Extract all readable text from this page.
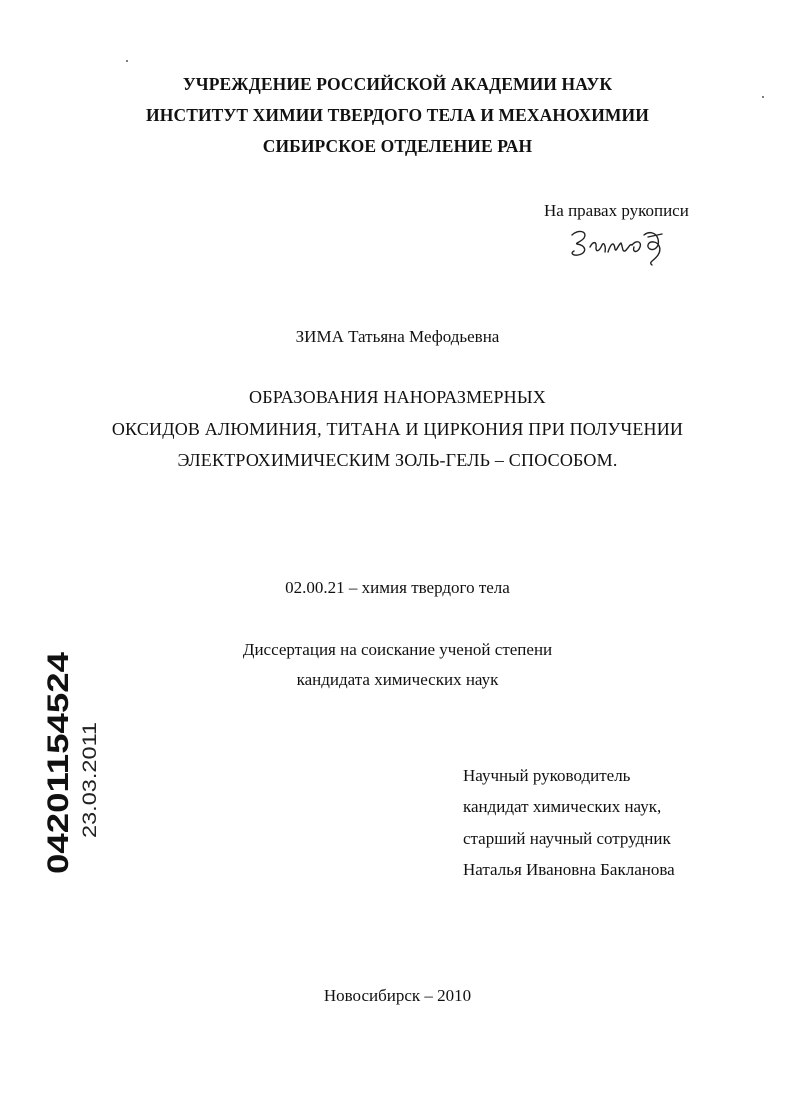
УЧРЕЖДЕНИЕ РОССИЙСКОЙ АКАДЕМИИ НАУК
ИНСТИТУТ ХИМИИ ТВЕРДОГО ТЕЛА И МЕХАНОХИМИИ
СИБИРСКОЕ ОТДЕЛЕНИЕ РАН
На правах рукописи
ЗИМА Татьяна Мефодьевна
ОБРАЗОВАНИЯ НАНОРАЗМЕРНЫХ
ОКСИДОВ АЛЮМИНИЯ, ТИТАНА И ЦИРКОНИЯ ПРИ ПОЛУЧЕНИИ
ЭЛЕКТРОХИМИЧЕСКИМ ЗОЛЬ-ГЕЛЬ – СПОСОБОМ.
02.00.21 – химия твердого тела
Диссертация на соискание ученой степени
кандидата химических наук
Научный руководитель
кандидат химических наук,
старший научный сотрудник
Наталья Ивановна Бакланова
Новосибирск – 2010
04201154524 23.03.2011
